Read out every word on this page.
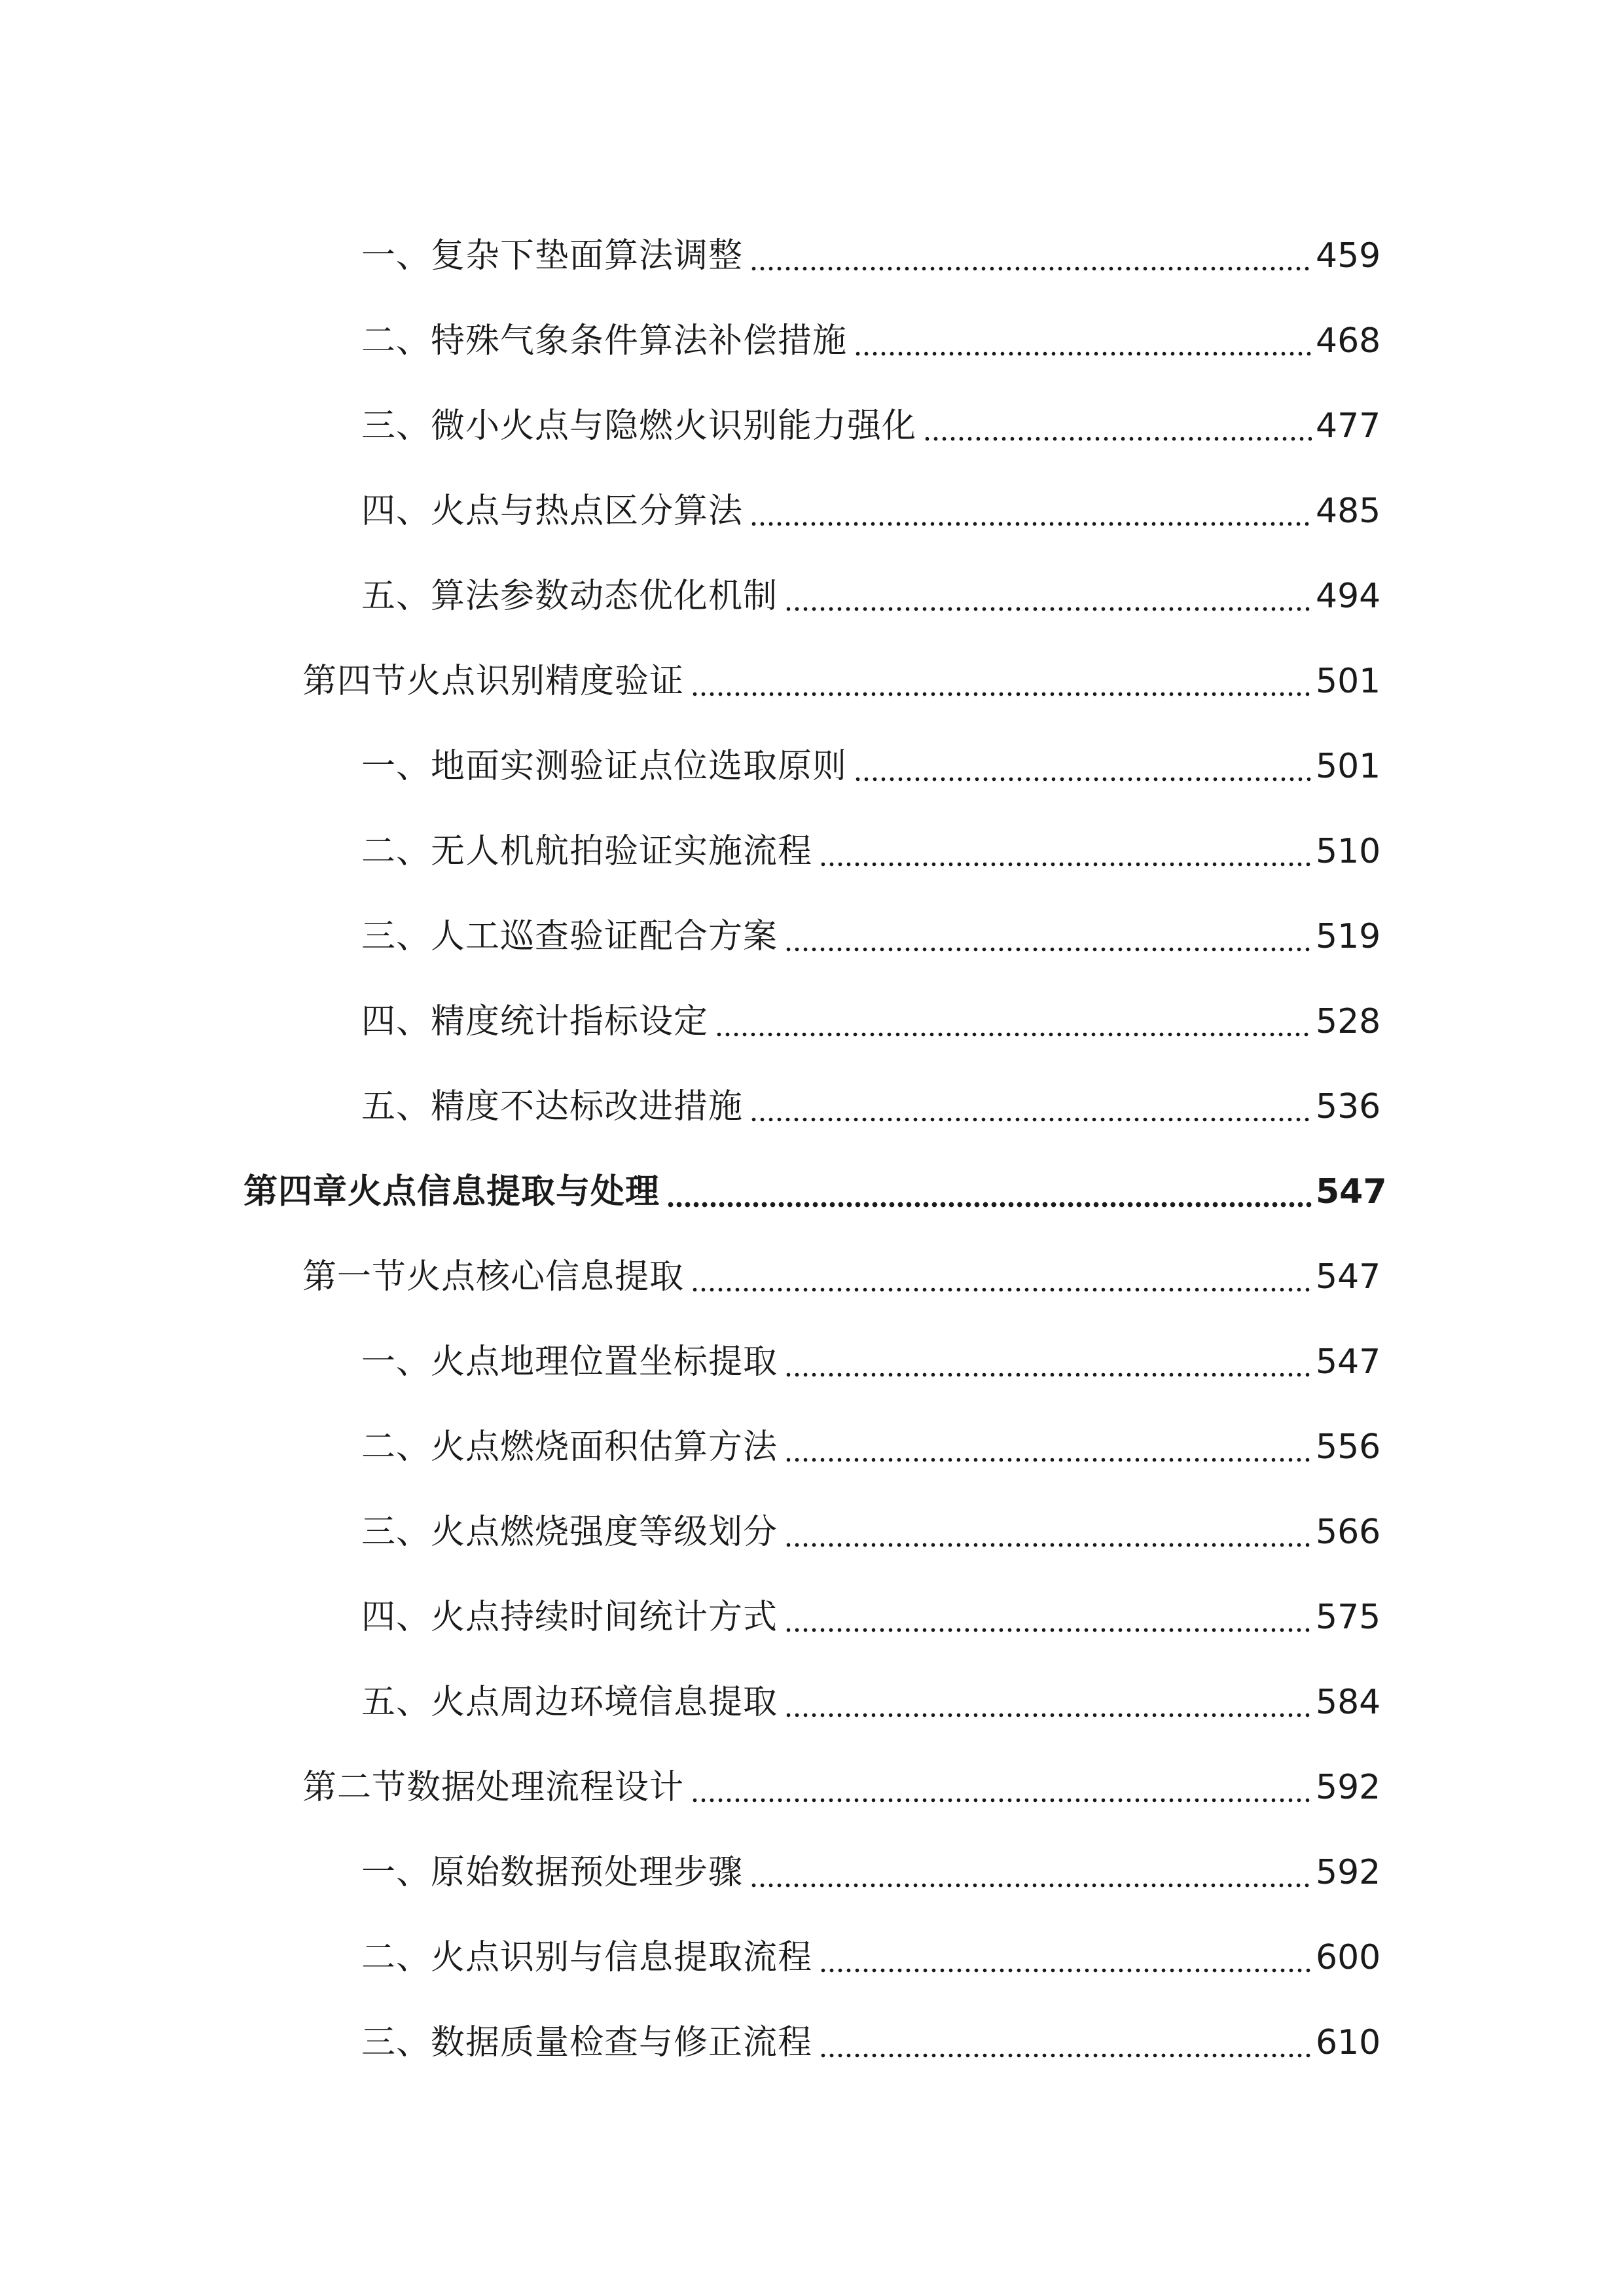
一、复杂下垫面算法调整	459
二、特殊气象条件算法补偿措施	468
三、微小火点与隐燃火识别能力强化	477
四、火点与热点区分算法	485
五、算法参数动态优化机制	494
第四节火点识别精度验证	501
一、地面实测验证点位选取原则	501
二、无人机航拍验证实施流程	510
三、人工巡查验证配合方案	519
四、精度统计指标设定	528
五、精度不达标改进措施	536
第四章火点信息提取与处理	547
第一节火点核心信息提取	547
一、火点地理位置坐标提取	547
二、火点燃烧面积估算方法	556
三、火点燃烧强度等级划分	566
四、火点持续时间统计方式	575
五、火点周边环境信息提取	584
第二节数据处理流程设计	592
一、原始数据预处理步骤	592
二、火点识别与信息提取流程	600
三、数据质量检查与修正流程	610
